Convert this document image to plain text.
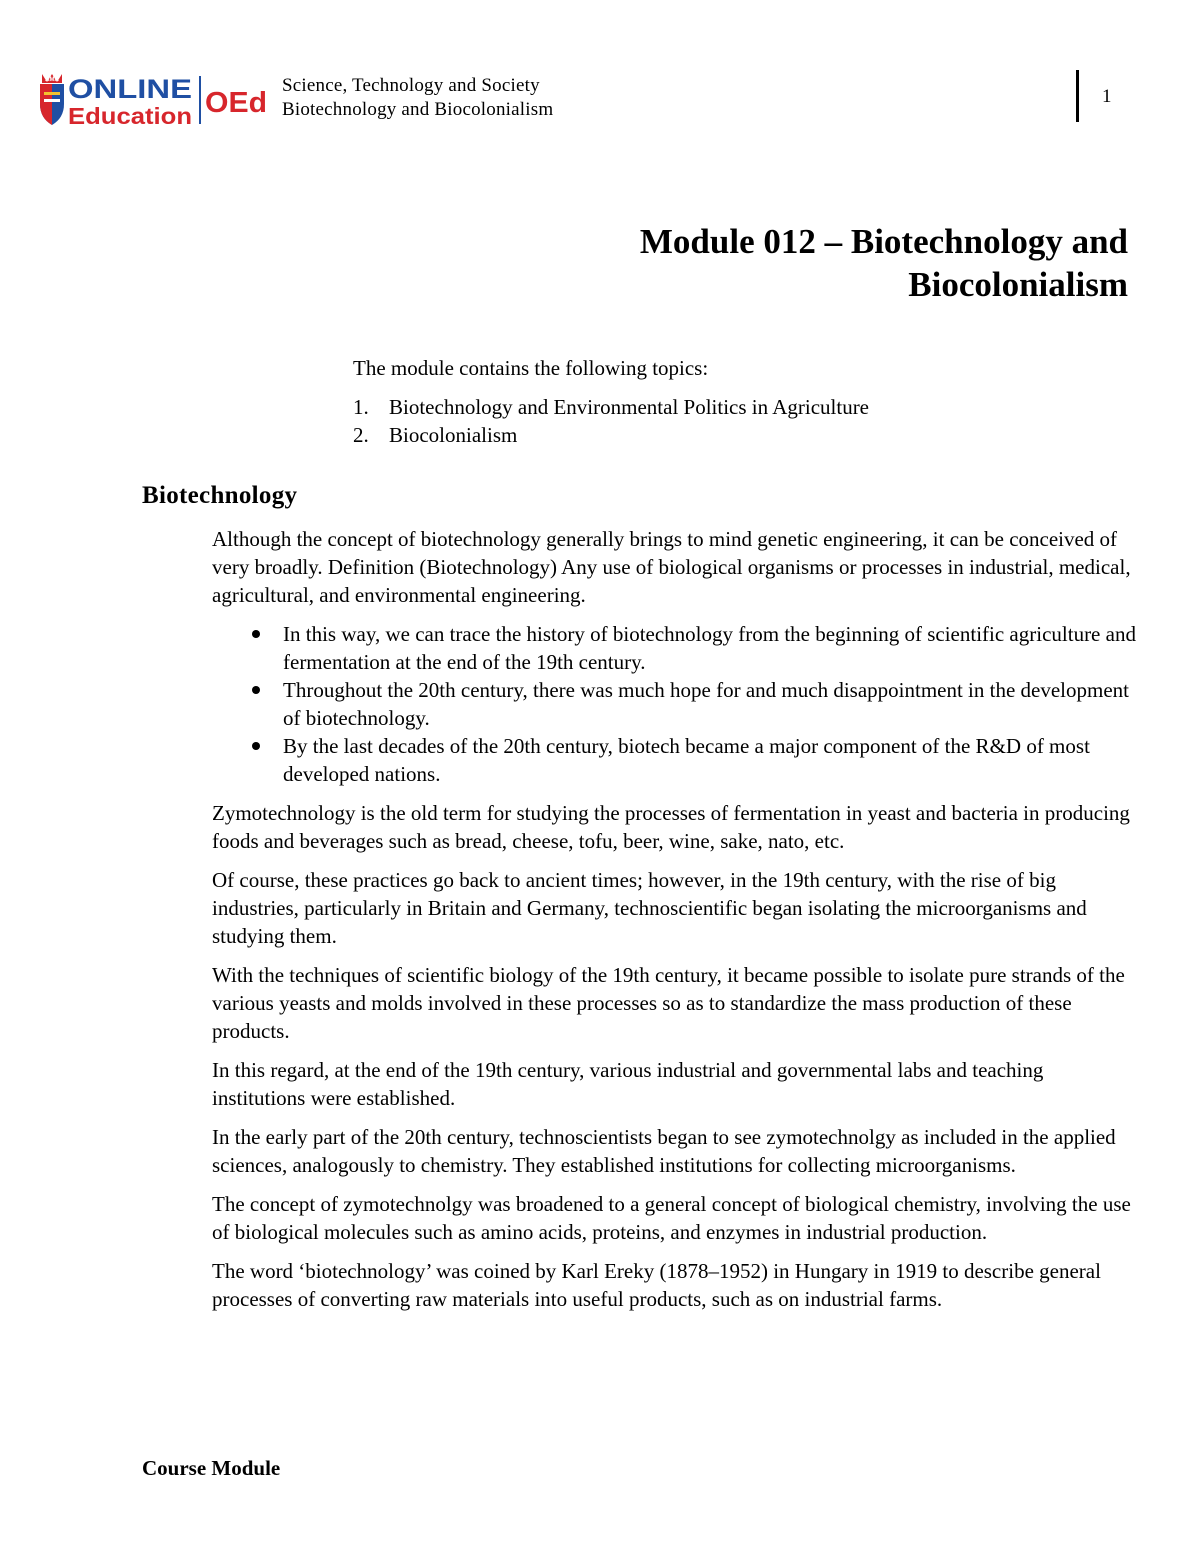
AMA ONLINE
Education OEd
Science, Technology and Society
Biotechnology and Biocolonialism
1
Module 012 – Biotechnology and
Biocolonialism

The module contains the following topics:

1. Biotechnology and Environmental Politics in Agriculture
2. Biocolonialism
Biotechnology

Although the concept of biotechnology generally brings to mind genetic engineering, it can be conceived of very broadly. Definition (Biotechnology) Any use of biological organisms or processes in industrial, medical, agricultural, and environmental engineering.

In this way, we can trace the history of biotechnology from the beginning of scientific agriculture and fermentation at the end of the 19th century.
Throughout the 20th century, there was much hope for and much disappointment in the development of biotechnology.
By the last decades of the 20th century, biotech became a major component of the R&D of most developed nations.

Zymotechnology is the old term for studying the processes of fermentation in yeast and bacteria in producing foods and beverages such as bread, cheese, tofu, beer, wine, sake, nato, etc.

Of course, these practices go back to ancient times; however, in the 19th century, with the rise of big industries, particularly in Britain and Germany, technoscientific began isolating the microorganisms and studying them.

With the techniques of scientific biology of the 19th century, it became possible to isolate pure strands of the various yeasts and molds involved in these processes so as to standardize the mass production of these products.

In this regard, at the end of the 19th century, various industrial and governmental labs and teaching institutions were established.

In the early part of the 20th century, technoscientists began to see zymotechnolgy as included in the applied sciences, analogously to chemistry. They established institutions for collecting microorganisms.

The concept of zymotechnolgy was broadened to a general concept of biological chemistry, involving the use of biological molecules such as amino acids, proteins, and enzymes in industrial production.

The word ‘biotechnology’ was coined by Karl Ereky (1878–1952) in Hungary in 1919 to describe general processes of converting raw materials into useful products, such as on industrial farms.

Course Module
